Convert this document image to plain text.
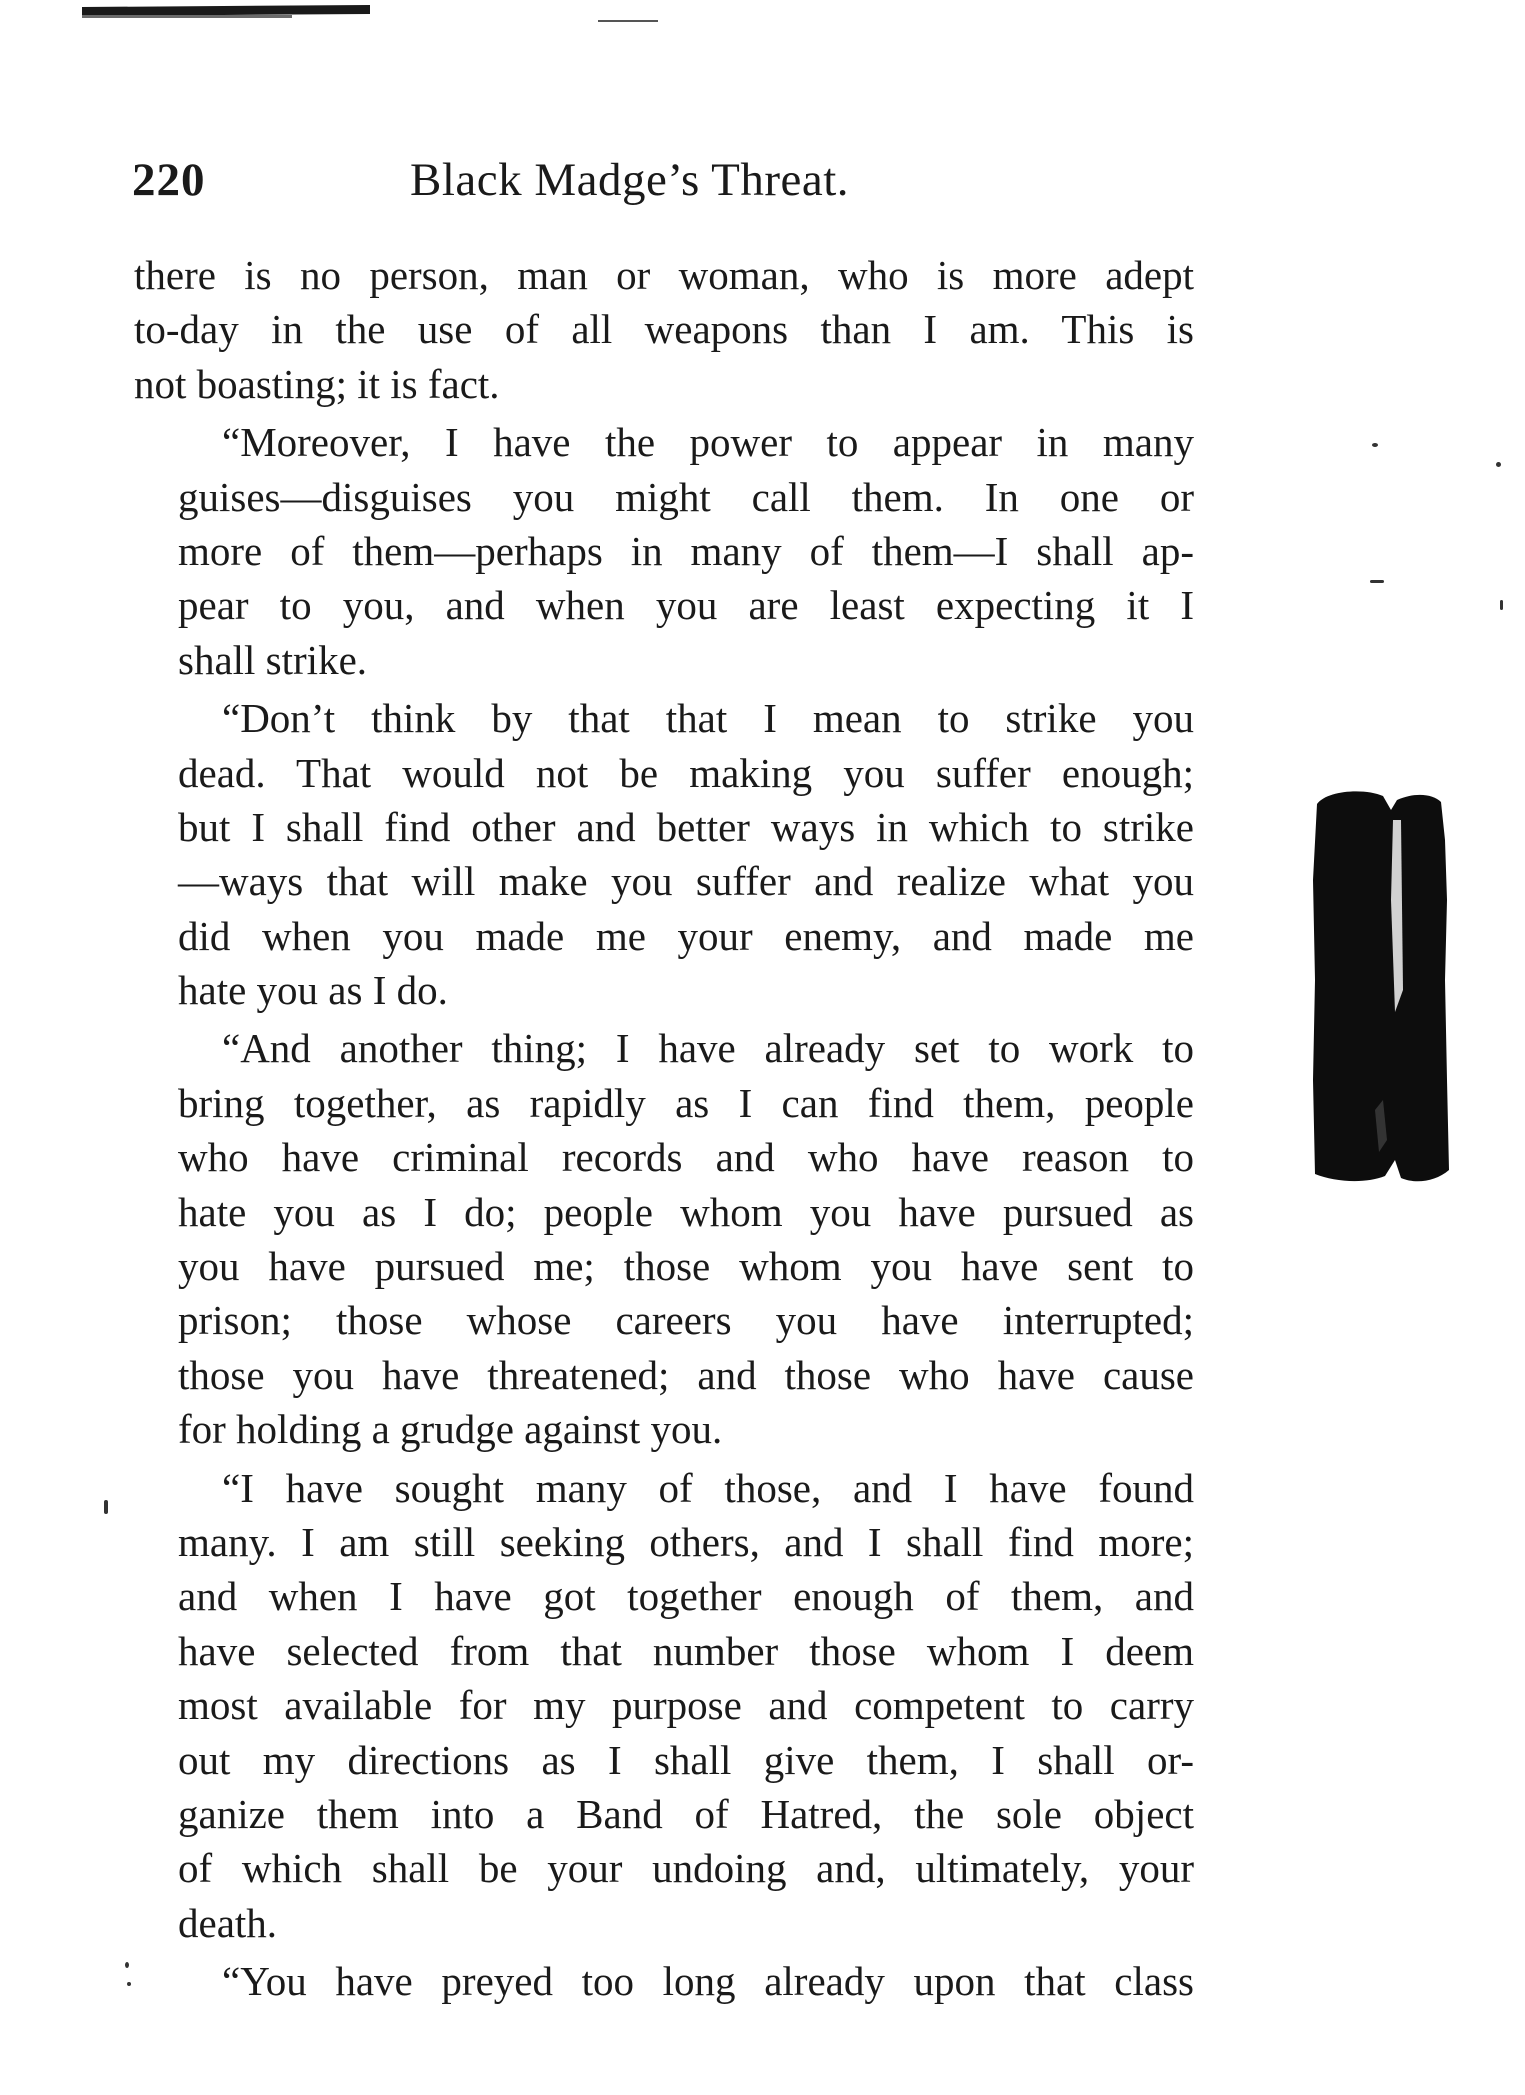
220	Black Madge’s Threat.
there is no person, man or woman, who is more adept
to-day in the use of all weapons than I am. This is
not boasting; it is fact.
“Moreover, I have the power to appear in many
guises—disguises you might call them. In one or
more of them—perhaps in many of them—I shall ap-
pear to you, and when you are least expecting it I
shall strike.
“Don’t think by that that I mean to strike you
dead. That would not be making you suffer enough;
but I shall find other and better ways in which to strike
—ways that will make you suffer and realize what you
did when you made me your enemy, and made me
hate you as I do.
“And another thing; I have already set to work to
bring together, as rapidly as I can find them, people
who have criminal records and who have reason to
hate you as I do; people whom you have pursued as
you have pursued me; those whom you have sent to
prison; those whose careers you have interrupted;
those you have threatened; and those who have cause
for holding a grudge against you.
“I have sought many of those, and I have found
many. I am still seeking others, and I shall find more;
and when I have got together enough of them, and
have selected from that number those whom I deem
most available for my purpose and competent to carry
out my directions as I shall give them, I shall or-
ganize them into a Band of Hatred, the sole object
of which shall be your undoing and, ultimately, your
death.
“You have preyed too long already upon that class
